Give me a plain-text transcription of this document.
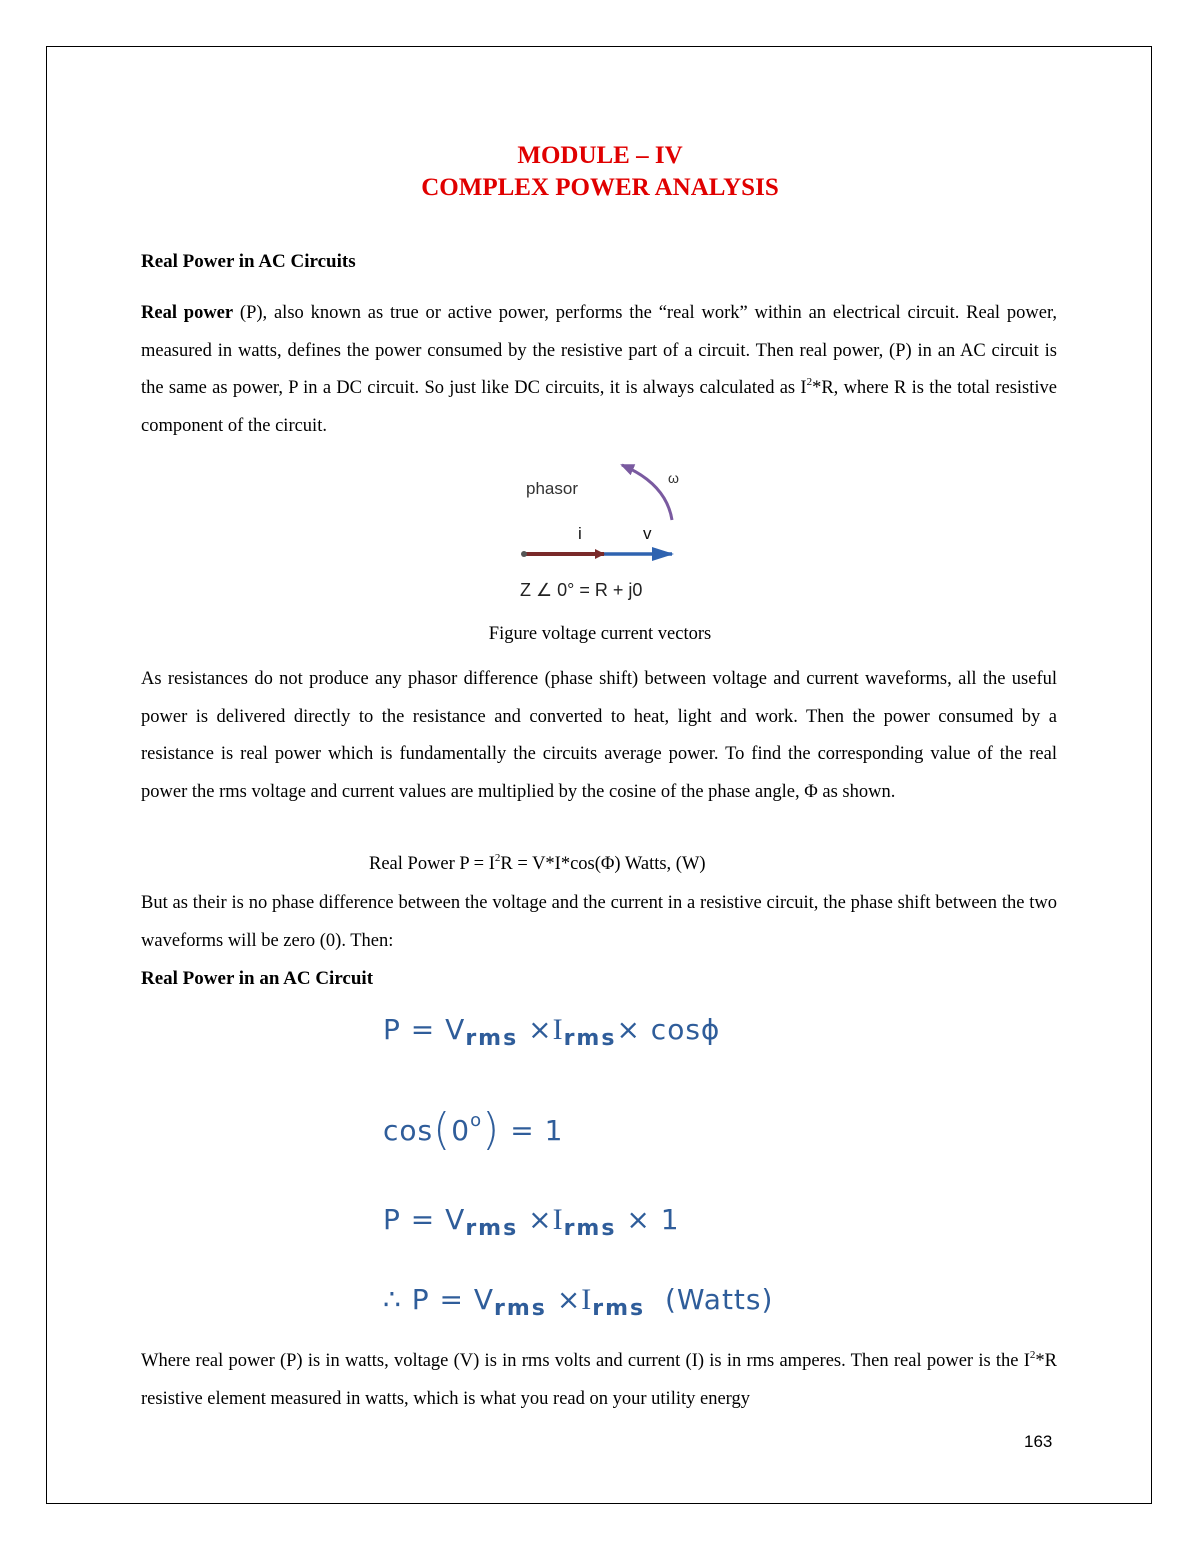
MODULE – IV
COMPLEX POWER ANALYSIS
Real Power in AC Circuits
Real power (P), also known as true or active power, performs the “real work” within an electrical circuit. Real power, measured in watts, defines the power consumed by the resistive part of a circuit. Then real power, (P) in an AC circuit is the same as power, P in a DC circuit. So just like DC circuits, it is always calculated as $I^2*R$, where R is the total resistive component of the circuit.
phasor
ω
i	v
Z ∠ 0° = R + j0
Figure voltage current vectors
As resistances do not produce any phasor difference (phase shift) between voltage and current waveforms, all the useful power is delivered directly to the resistance and converted to heat, light and work. Then the power consumed by a resistance is real power which is fundamentally the circuits average power. To find the corresponding value of the real power the rms voltage and current values are multiplied by the cosine of the phase angle, Φ as shown.
Real Power $P = I^2R = V*I*\cos(\Phi)$ Watts, (W)
But as their is no phase difference between the voltage and the current in a resistive circuit, the phase shift between the two waveforms will be zero (0). Then:
Real Power in an AC Circuit
$P = V_{rms} \times I_{rms}\times \cos\phi$
$\cos(0^o) = 1$
$P = V_{rms} \times I_{rms} \times 1$
∴ $P = V_{rms} \times I_{rms}$ (Watts)
Where real power (P) is in watts, voltage (V) is in rms volts and current (I) is in rms amperes. Then real power is the $I^2*R$ resistive element measured in watts, which is what you read on your utility energy
163
